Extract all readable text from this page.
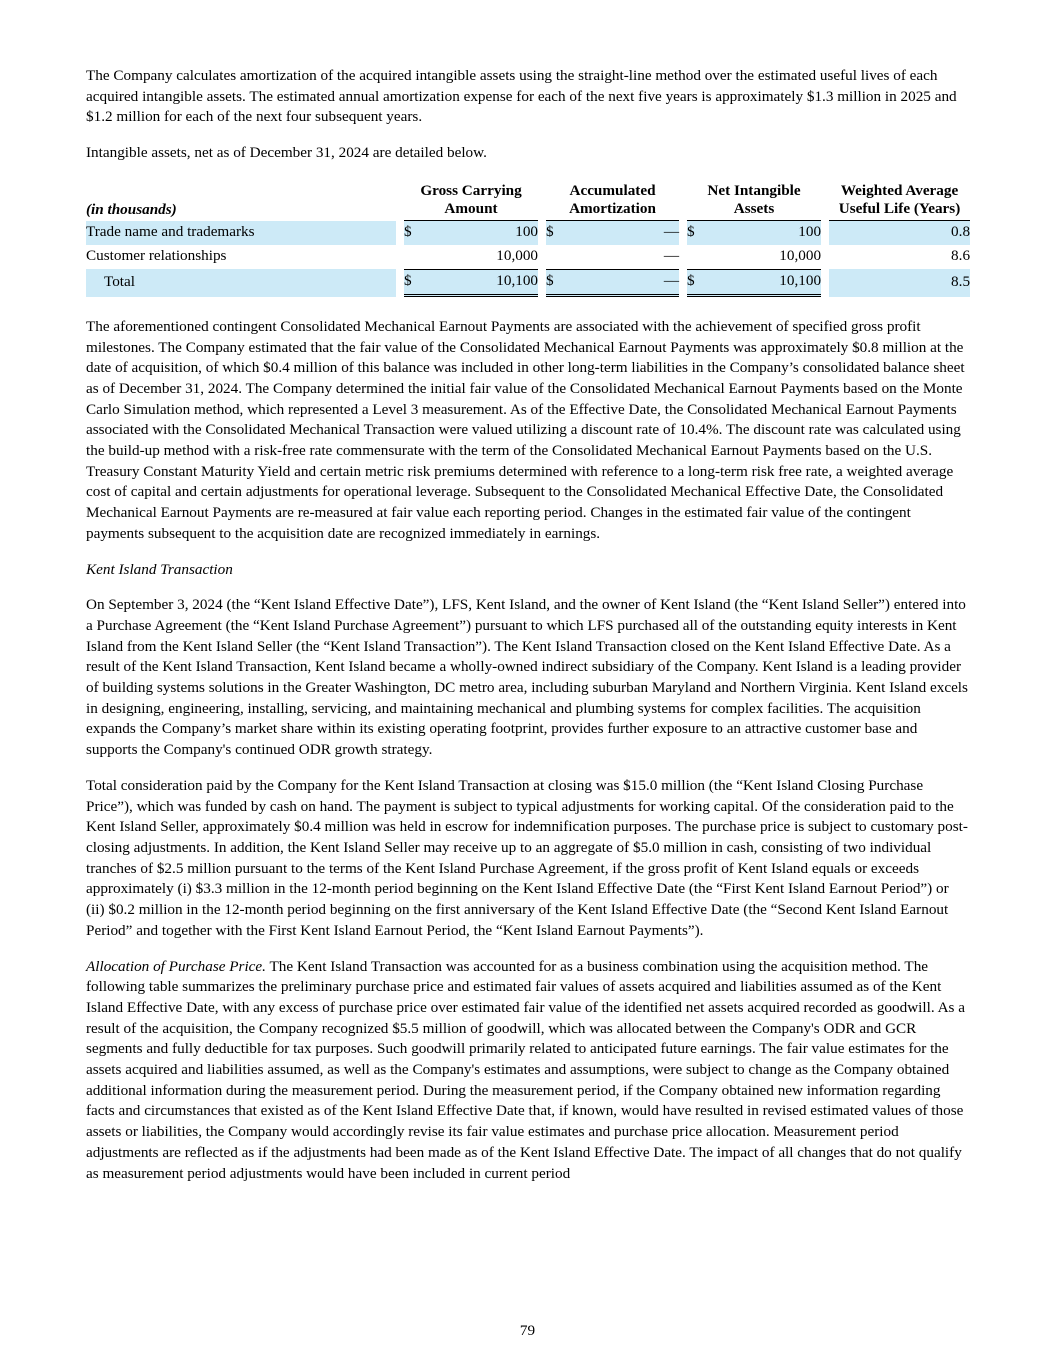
The Company calculates amortization of the acquired intangible assets using the straight-line method over the estimated useful lives of each acquired intangible assets. The estimated annual amortization expense for each of the next five years is approximately $1.3 million in 2025 and $1.2 million for each of the next four subsequent years.

Intangible assets, net as of December 31, 2024 are detailed below.

(in thousands)		Gross Carrying Amount			Accumulated Amortization			Net Intangible Assets			Weighted Average Useful Life (Years)
Trade name and trademarks		$	100		$	—		$	100		0.8
Customer relationships			10,000			—			10,000		8.6
Total		$	10,100		$	—		$	10,100		8.5

The aforementioned contingent Consolidated Mechanical Earnout Payments are associated with the achievement of specified gross profit milestones. The Company estimated that the fair value of the Consolidated Mechanical Earnout Payments was approximately $0.8 million at the date of acquisition, of which $0.4 million of this balance was included in other long-term liabilities in the Company’s consolidated balance sheet as of December 31, 2024. The Company determined the initial fair value of the Consolidated Mechanical Earnout Payments based on the Monte Carlo Simulation method, which represented a Level 3 measurement. As of the Effective Date, the Consolidated Mechanical Earnout Payments associated with the Consolidated Mechanical Transaction were valued utilizing a discount rate of 10.4%. The discount rate was calculated using the build-up method with a risk-free rate commensurate with the term of the Consolidated Mechanical Earnout Payments based on the U.S. Treasury Constant Maturity Yield and certain metric risk premiums determined with reference to a long-term risk free rate, a weighted average cost of capital and certain adjustments for operational leverage. Subsequent to the Consolidated Mechanical Effective Date, the Consolidated Mechanical Earnout Payments are re-measured at fair value each reporting period. Changes in the estimated fair value of the contingent payments subsequent to the acquisition date are recognized immediately in earnings.

Kent Island Transaction

On September 3, 2024 (the “Kent Island Effective Date”), LFS, Kent Island, and the owner of Kent Island (the “Kent Island Seller”) entered into a Purchase Agreement (the “Kent Island Purchase Agreement”) pursuant to which LFS purchased all of the outstanding equity interests in Kent Island from the Kent Island Seller (the “Kent Island Transaction”). The Kent Island Transaction closed on the Kent Island Effective Date. As a result of the Kent Island Transaction, Kent Island became a wholly-owned indirect subsidiary of the Company. Kent Island is a leading provider of building systems solutions in the Greater Washington, DC metro area, including suburban Maryland and Northern Virginia. Kent Island excels in designing, engineering, installing, servicing, and maintaining mechanical and plumbing systems for complex facilities. The acquisition expands the Company’s market share within its existing operating footprint, provides further exposure to an attractive customer base and supports the Company's continued ODR growth strategy.

Total consideration paid by the Company for the Kent Island Transaction at closing was $15.0 million (the “Kent Island Closing Purchase Price”), which was funded by cash on hand. The payment is subject to typical adjustments for working capital. Of the consideration paid to the Kent Island Seller, approximately $0.4 million was held in escrow for indemnification purposes. The purchase price is subject to customary post-closing adjustments. In addition, the Kent Island Seller may receive up to an aggregate of $5.0 million in cash, consisting of two individual tranches of $2.5 million pursuant to the terms of the Kent Island Purchase Agreement, if the gross profit of Kent Island equals or exceeds approximately (i) $3.3 million in the 12-month period beginning on the Kent Island Effective Date (the “First Kent Island Earnout Period”) or (ii) $0.2 million in the 12-month period beginning on the first anniversary of the Kent Island Effective Date (the “Second Kent Island Earnout Period” and together with the First Kent Island Earnout Period, the “Kent Island Earnout Payments”).

Allocation of Purchase Price. The Kent Island Transaction was accounted for as a business combination using the acquisition method. The following table summarizes the preliminary purchase price and estimated fair values of assets acquired and liabilities assumed as of the Kent Island Effective Date, with any excess of purchase price over estimated fair value of the identified net assets acquired recorded as goodwill. As a result of the acquisition, the Company recognized $5.5 million of goodwill, which was allocated between the Company's ODR and GCR segments and fully deductible for tax purposes. Such goodwill primarily related to anticipated future earnings. The fair value estimates for the assets acquired and liabilities assumed, as well as the Company's estimates and assumptions, were subject to change as the Company obtained additional information during the measurement period. During the measurement period, if the Company obtained new information regarding facts and circumstances that existed as of the Kent Island Effective Date that, if known, would have resulted in revised estimated values of those assets or liabilities, the Company would accordingly revise its fair value estimates and purchase price allocation. Measurement period adjustments are reflected as if the adjustments had been made as of the Kent Island Effective Date. The impact of all changes that do not qualify as measurement period adjustments would have been included in current period

79
